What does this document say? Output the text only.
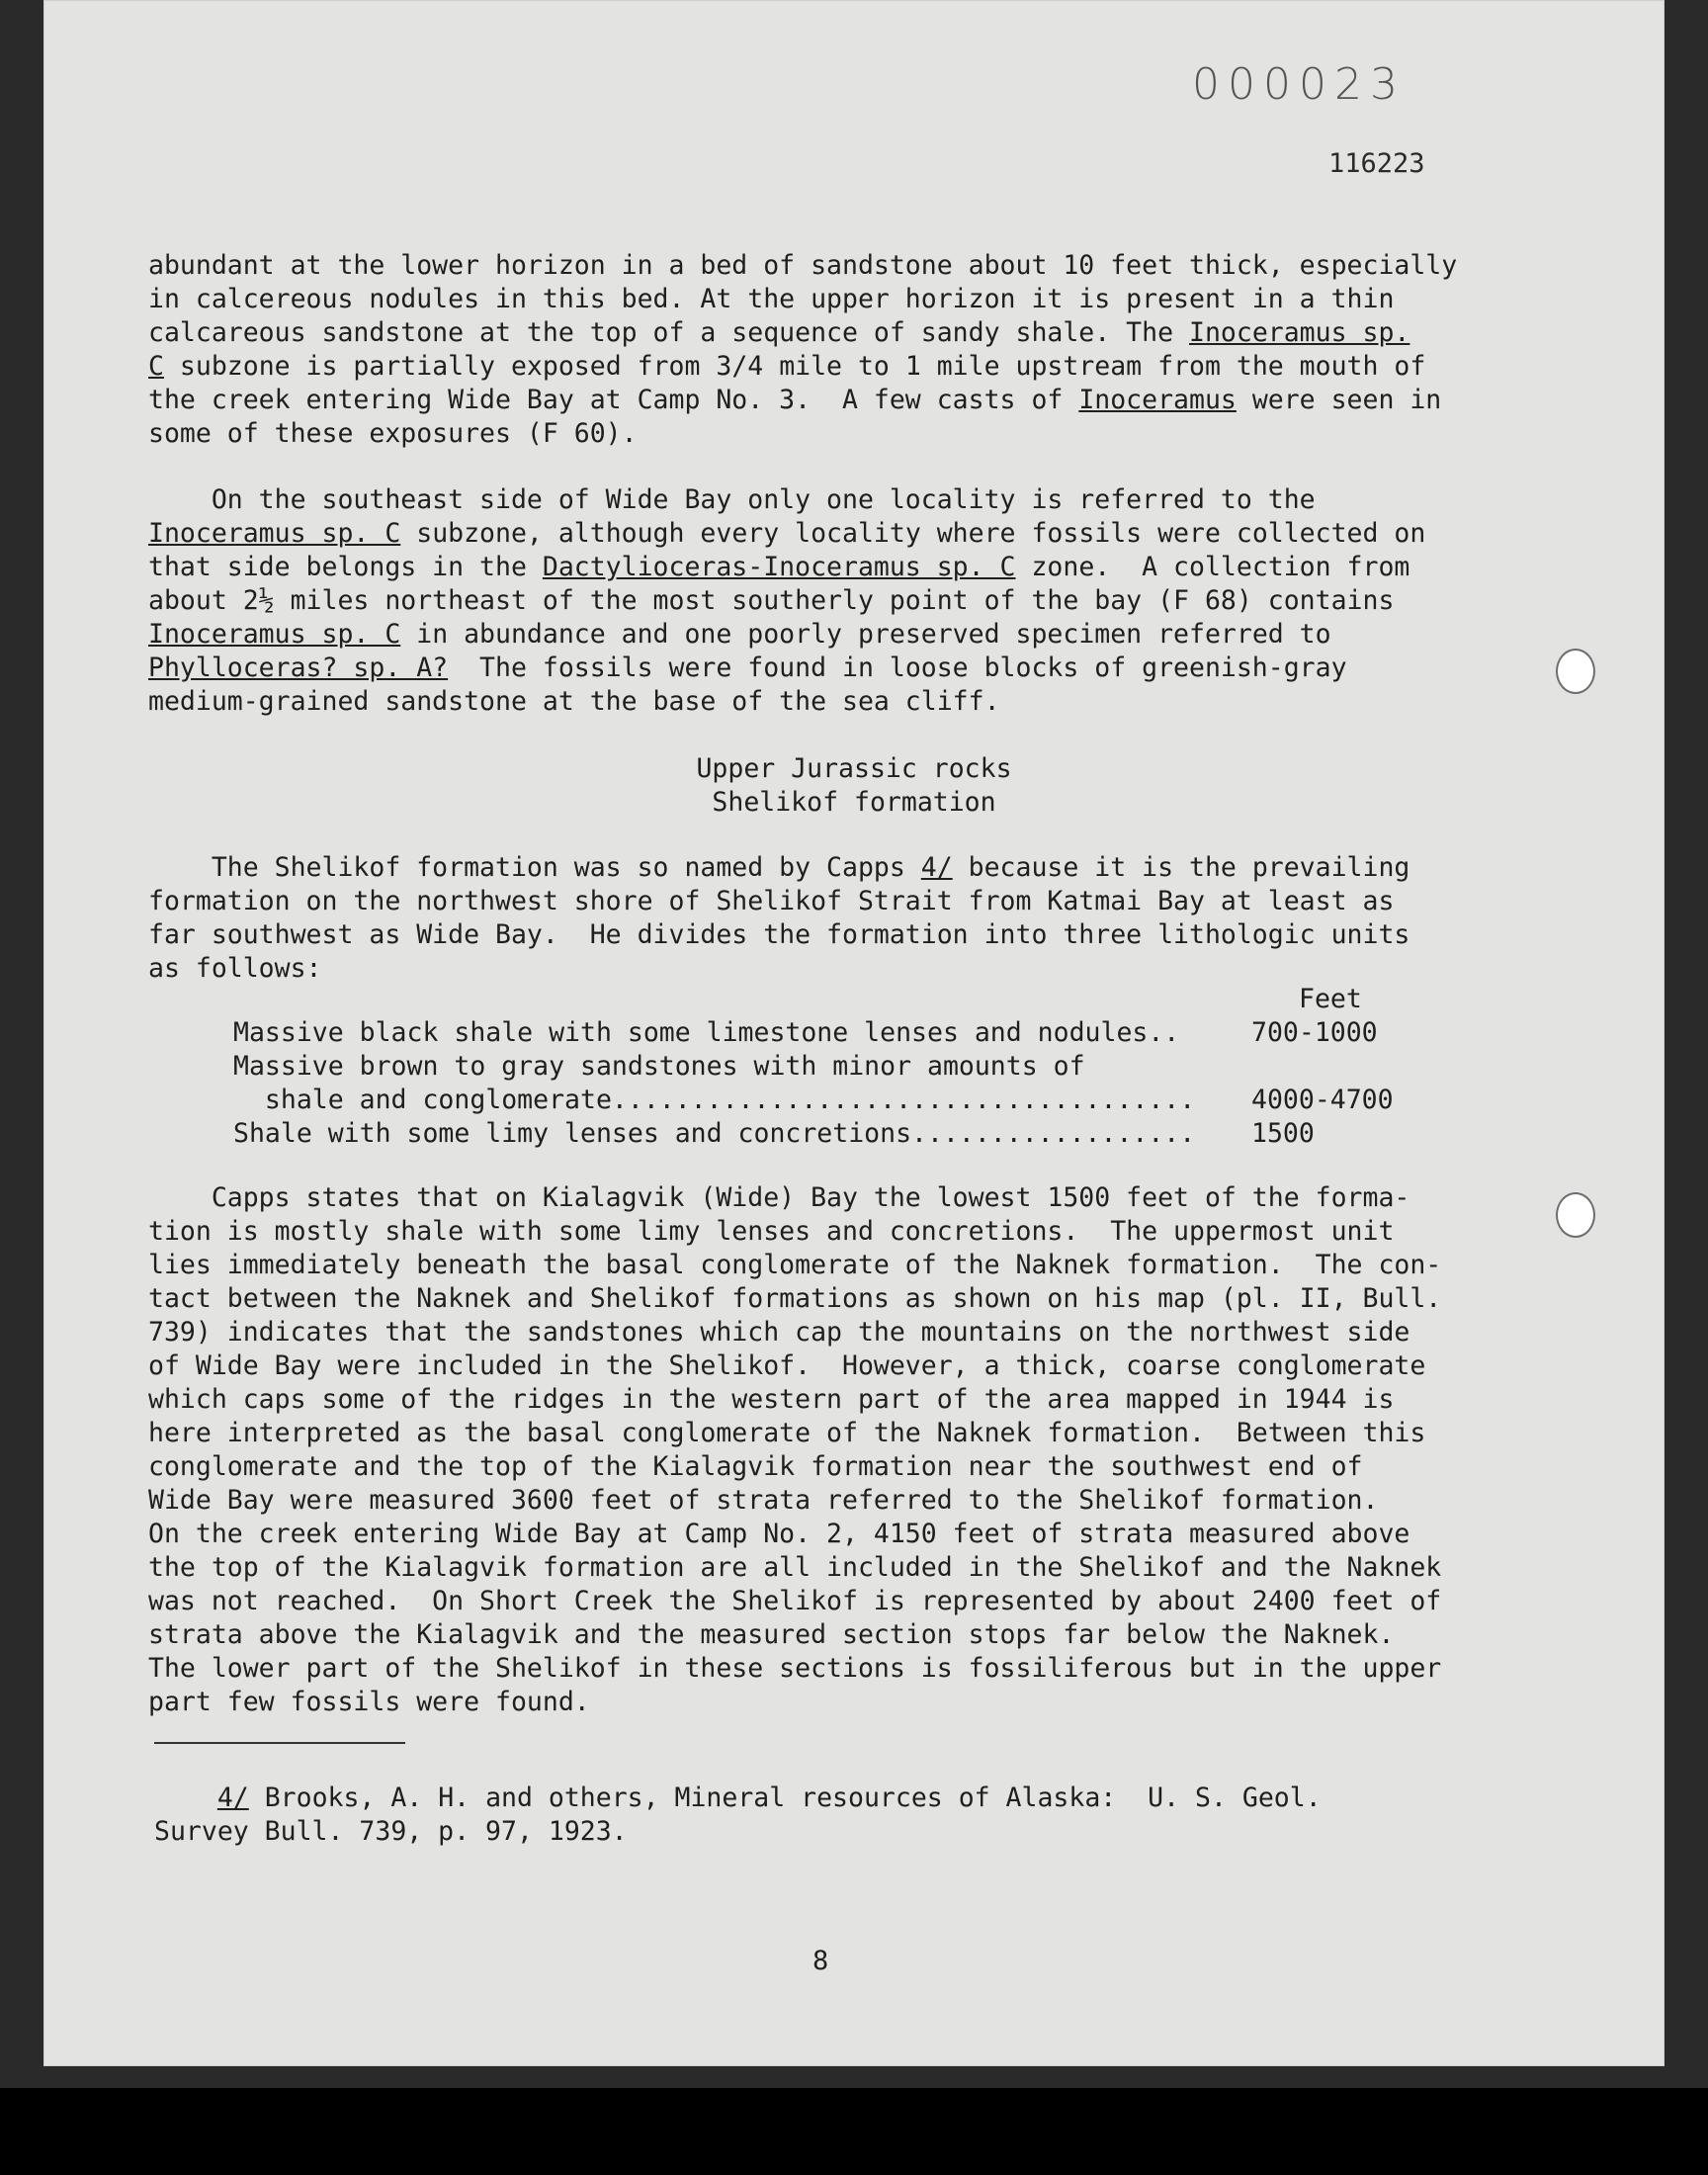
000023
116223
abundant at the lower horizon in a bed of sandstone about 10 feet thick, especially
in calcereous nodules in this bed. At the upper horizon it is present in a thin
calcareous sandstone at the top of a sequence of sandy shale. The Inoceramus sp.
C subzone is partially exposed from 3/4 mile to 1 mile upstream from the mouth of
the creek entering Wide Bay at Camp No. 3.  A few casts of Inoceramus were seen in
some of these exposures (F 60).
On the southeast side of Wide Bay only one locality is referred to the
Inoceramus sp. C subzone, although every locality where fossils were collected on
that side belongs in the Dactylioceras-Inoceramus sp. C zone.  A collection from
about 2½ miles northeast of the most southerly point of the bay (F 68) contains
Inoceramus sp. C in abundance and one poorly preserved specimen referred to
Phylloceras? sp. A?  The fossils were found in loose blocks of greenish-gray
medium-grained sandstone at the base of the sea cliff.
Upper Jurassic rocks
Shelikof formation
The Shelikof formation was so named by Capps 4/ because it is the prevailing
formation on the northwest shore of Shelikof Strait from Katmai Bay at least as
far southwest as Wide Bay.  He divides the formation into three lithologic units
as follows:
Feet
Massive black shale with some limestone lenses and nodules..
Massive brown to gray sandstones with minor amounts of
shale and conglomerate.....................................
Shale with some limy lenses and concretions..................
700-1000

4000-4700
1500
Capps states that on Kialagvik (Wide) Bay the lowest 1500 feet of the forma-
tion is mostly shale with some limy lenses and concretions.  The uppermost unit
lies immediately beneath the basal conglomerate of the Naknek formation.  The con-
tact between the Naknek and Shelikof formations as shown on his map (pl. II, Bull.
739) indicates that the sandstones which cap the mountains on the northwest side
of Wide Bay were included in the Shelikof.  However, a thick, coarse conglomerate
which caps some of the ridges in the western part of the area mapped in 1944 is
here interpreted as the basal conglomerate of the Naknek formation.  Between this
conglomerate and the top of the Kialagvik formation near the southwest end of
Wide Bay were measured 3600 feet of strata referred to the Shelikof formation.
On the creek entering Wide Bay at Camp No. 2, 4150 feet of strata measured above
the top of the Kialagvik formation are all included in the Shelikof and the Naknek
was not reached.  On Short Creek the Shelikof is represented by about 2400 feet of
strata above the Kialagvik and the measured section stops far below the Naknek.
The lower part of the Shelikof in these sections is fossiliferous but in the upper
part few fossils were found.
4/ Brooks, A. H. and others, Mineral resources of Alaska:  U. S. Geol.
Survey Bull. 739, p. 97, 1923.
8
